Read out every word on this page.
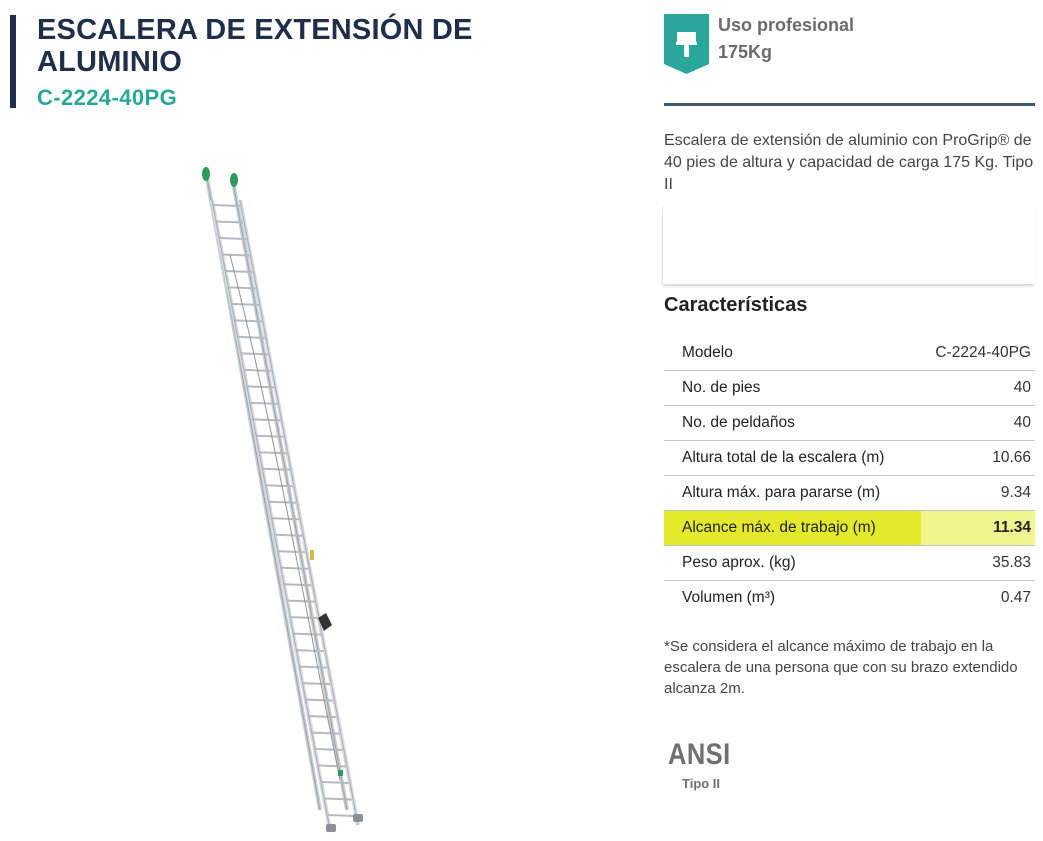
ESCALERA DE EXTENSIÓN DE
ALUMINIO
C-2224-40PG
Uso profesional
175Kg
Escalera de extensión de aluminio con ProGrip® de 40 pies de altura y capacidad de carga 175 Kg. Tipo II
Características
Modelo	C-2224-40PG
No. de pies	40
No. de peldaños	40
Altura total de la escalera (m)	10.66
Altura máx. para pararse (m)	9.34
Alcance máx. de trabajo (m)	11.34
Peso aprox. (kg)	35.83
Volumen (m³)	0.47
*Se considera el alcance máximo de trabajo en la escalera de una persona que con su brazo extendido alcanza 2m.
ANSI
Tipo II
